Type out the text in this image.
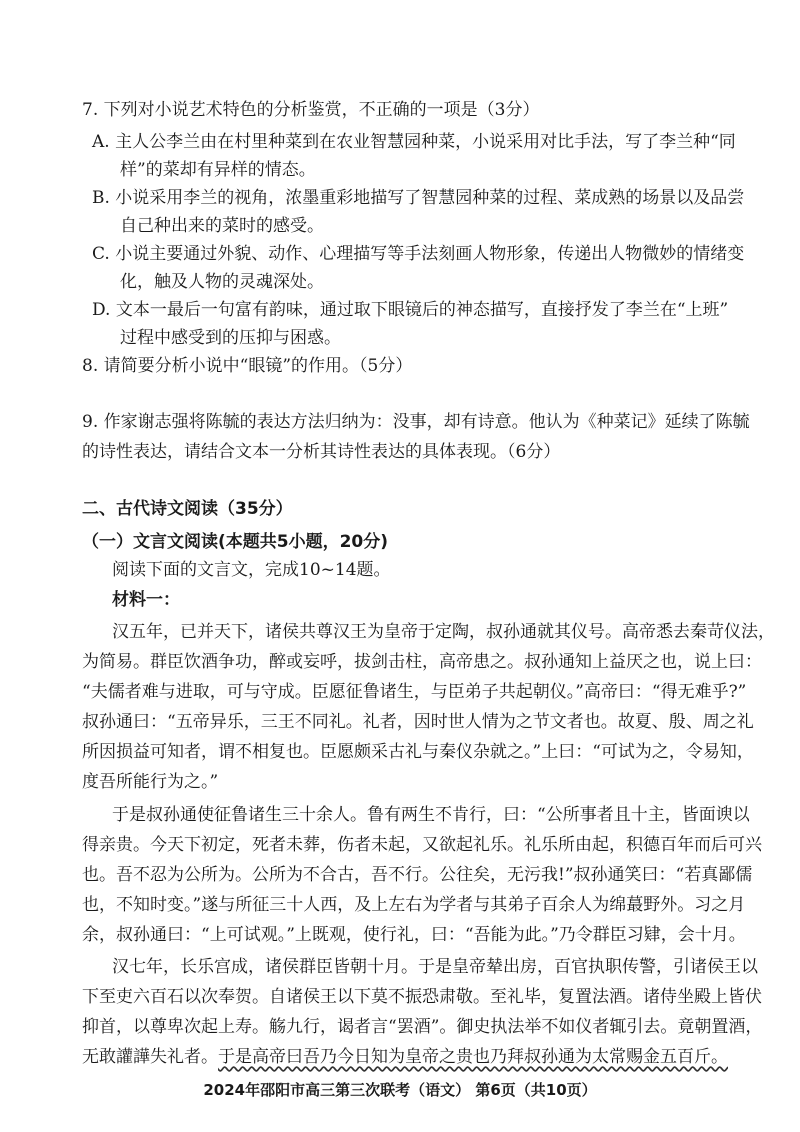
7. 下列对小说艺术特色的分析鉴赏，不正确的一项是（3分）
A. 主人公李兰由在村里种菜到在农业智慧园种菜，小说采用对比手法，写了李兰种“同
样”的菜却有异样的情态。
B. 小说采用李兰的视角，浓墨重彩地描写了智慧园种菜的过程、菜成熟的场景以及品尝
自己种出来的菜时的感受。
C. 小说主要通过外貌、动作、心理描写等手法刻画人物形象，传递出人物微妙的情绪变
化，触及人物的灵魂深处。
D. 文本一最后一句富有韵味，通过取下眼镜后的神态描写，直接抒发了李兰在“上班”
过程中感受到的压抑与困惑。
8. 请简要分析小说中“眼镜”的作用。（5分）
9. 作家谢志强将陈毓的表达方法归纳为：没事，却有诗意。他认为《种菜记》延续了陈毓
的诗性表达，请结合文本一分析其诗性表达的具体表现。（6分）
二、古代诗文阅读（35分）
（一）文言文阅读(本题共5小题，20分)
阅读下面的文言文，完成10~14题。
材料一：
汉五年，已并天下，诸侯共尊汉王为皇帝于定陶，叔孙通就其仪号。高帝悉去秦苛仪法，
为简易。群臣饮酒争功，醉或妄呼，拔剑击柱，高帝患之。叔孙通知上益厌之也，说上曰：
“夫儒者难与进取，可与守成。臣愿征鲁诸生，与臣弟子共起朝仪。”高帝曰：“得无难乎?”
叔孙通曰：“五帝异乐，三王不同礼。礼者，因时世人情为之节文者也。故夏、殷、周之礼
所因损益可知者，谓不相复也。臣愿颇采古礼与秦仪杂就之。”上曰：“可试为之，令易知，
度吾所能行为之。”
于是叔孙通使征鲁诸生三十余人。鲁有两生不肯行，曰：“公所事者且十主，皆面谀以
得亲贵。今天下初定，死者未葬，伤者未起，又欲起礼乐。礼乐所由起，积德百年而后可兴
也。吾不忍为公所为。公所为不合古，吾不行。公往矣，无污我!”叔孙通笑曰：“若真鄙儒
也，不知时变。”遂与所征三十人西，及上左右为学者与其弟子百余人为绵蕞野外。习之月
余，叔孙通曰：“上可试观。”上既观，使行礼，曰：“吾能为此。”乃令群臣习肄，会十月。
汉七年，长乐宫成，诸侯群臣皆朝十月。于是皇帝辇出房，百官执职传警，引诸侯王以
下至吏六百石以次奉贺。自诸侯王以下莫不振恐肃敬。至礼毕，复置法酒。诸侍坐殿上皆伏
抑首，以尊卑次起上寿。觞九行，谒者言“罢酒”。御史执法举不如仪者辄引去。竟朝置酒，
无敢讙譁失礼者。于是高帝曰吾乃今日知为皇帝之贵也乃拜叔孙通为太常赐金五百斤。
2024年邵阳市高三第三次联考（语文） 第6页（共10页）
